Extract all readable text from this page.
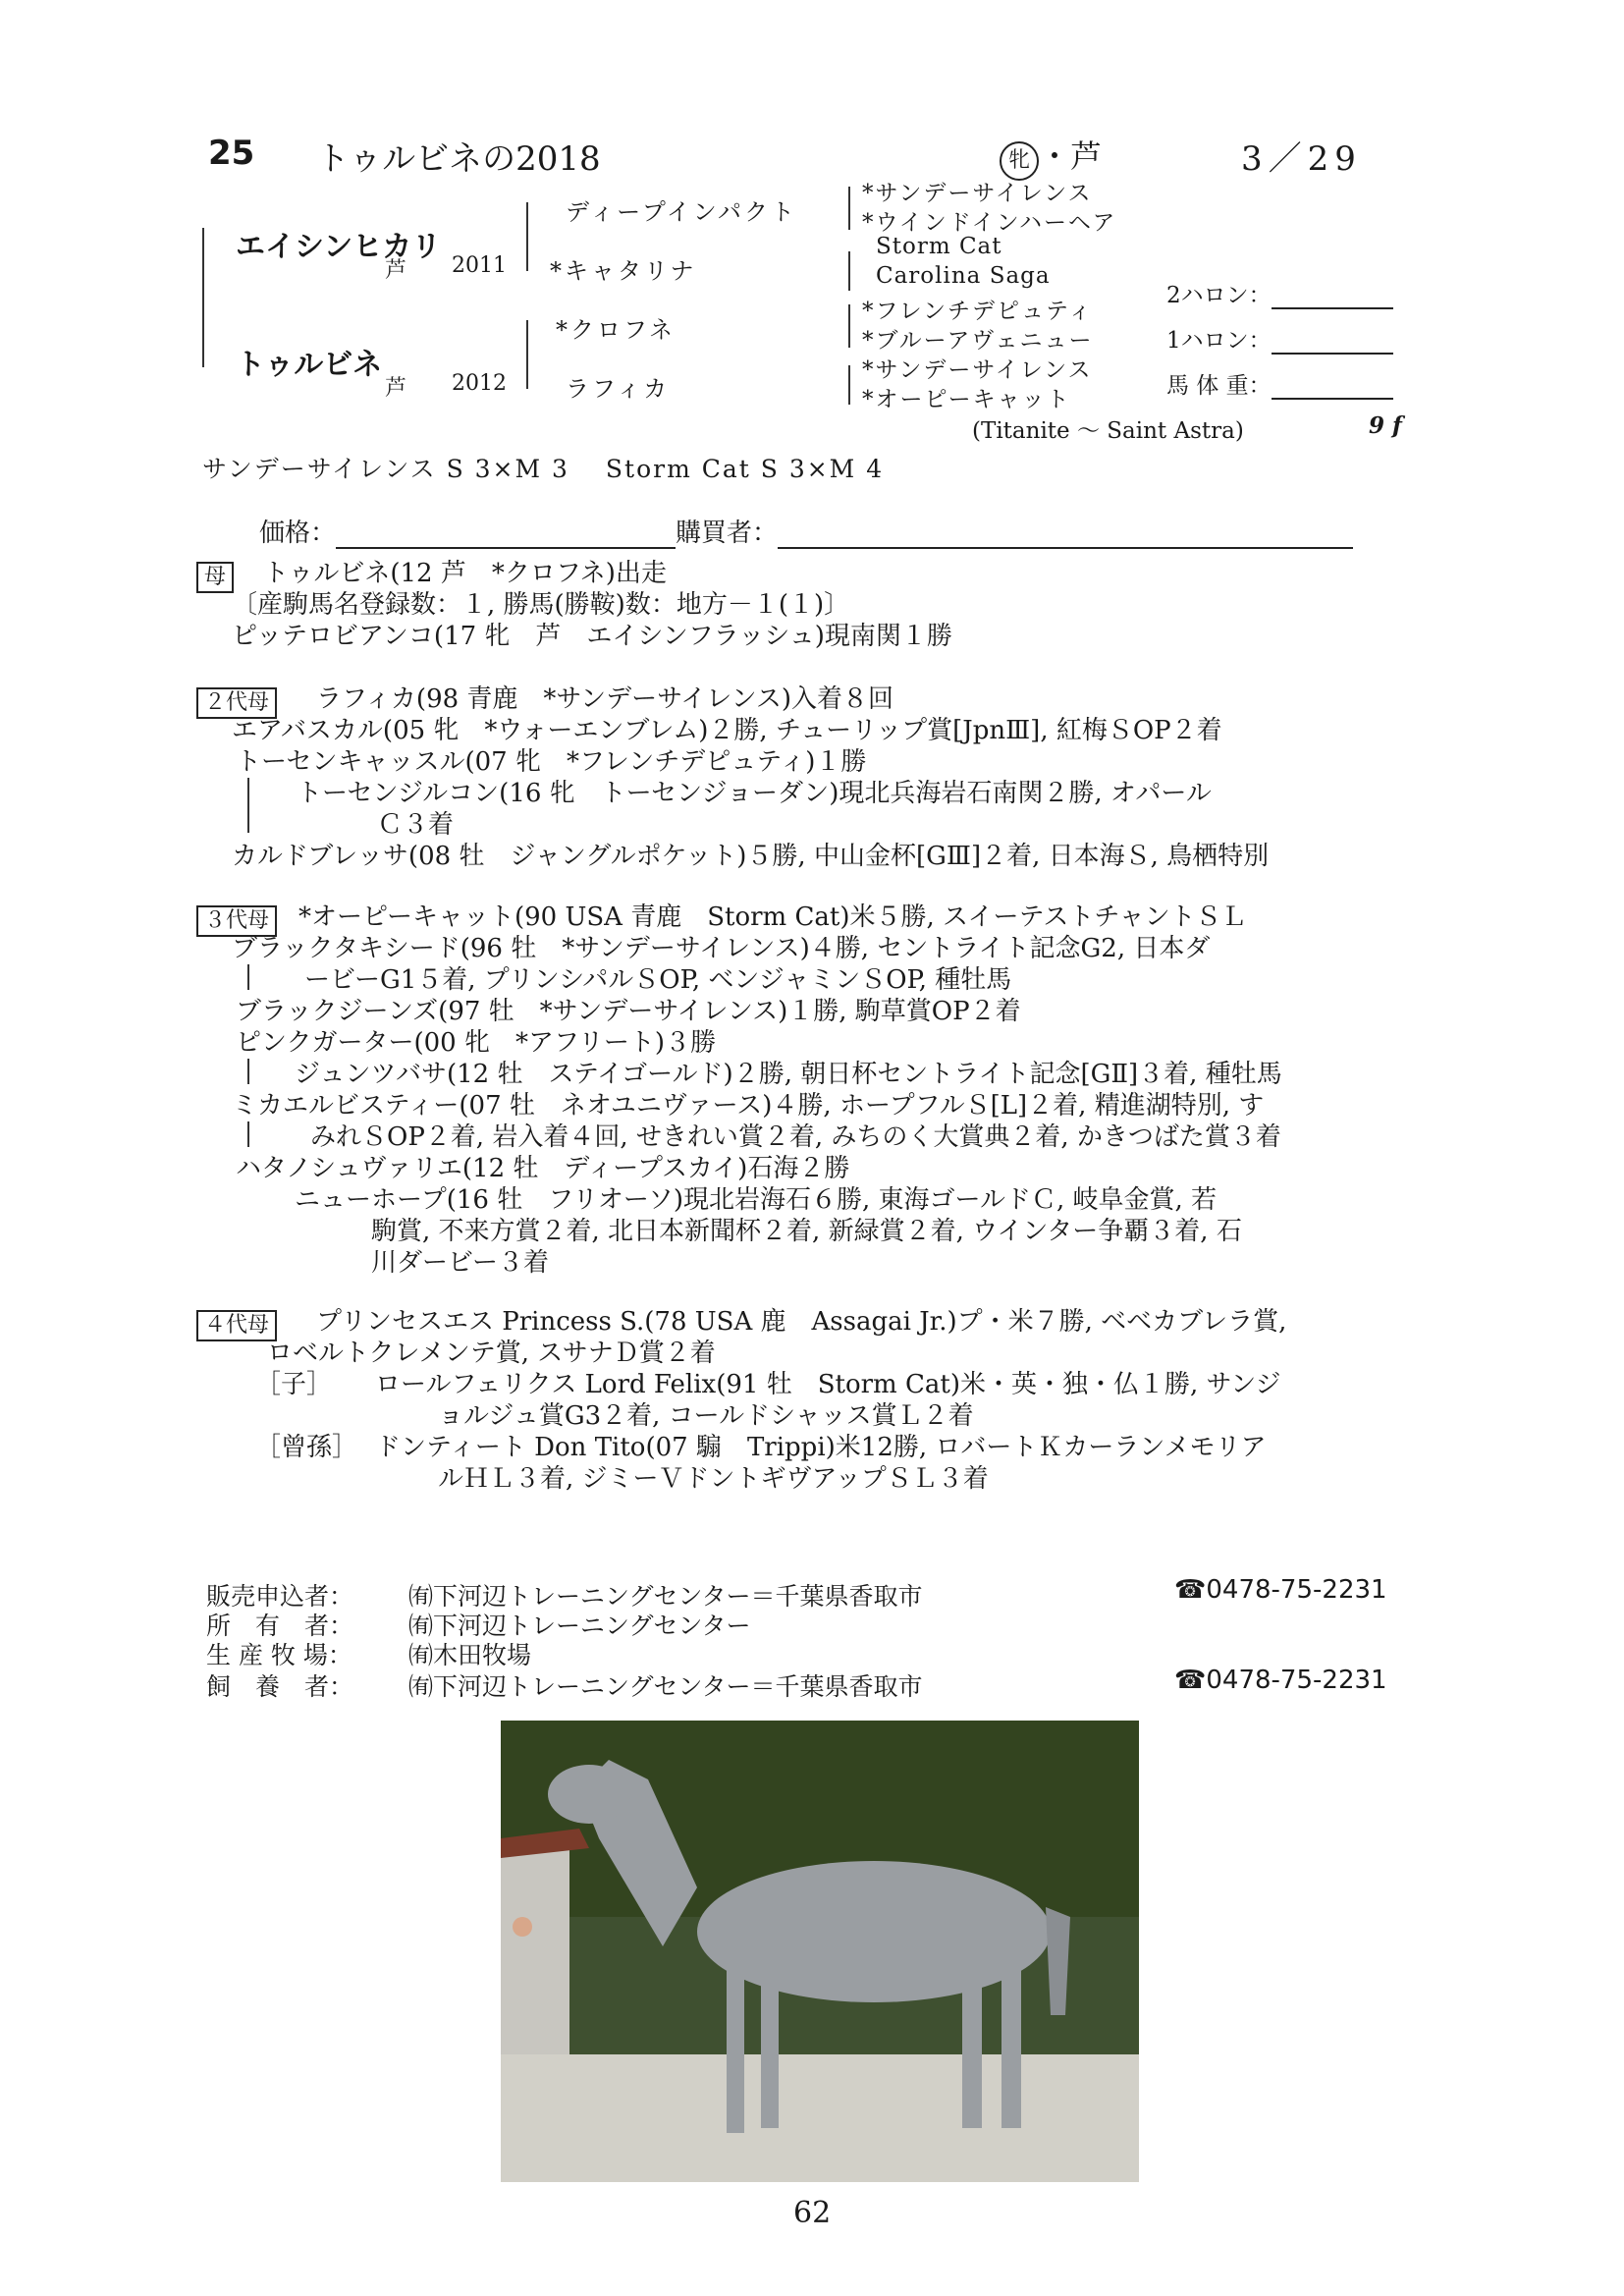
25 トゥルビネの2018	牝 ・芦	3／29
エイシンヒカリ
芦 2011
トゥルビネ
芦 2012
ディープインパクト
*キャタリナ
*クロフネ
ラフィカ
*サンデーサイレンス
*ウインドインハーヘア
Storm Cat
Carolina Saga
*フレンチデピュティ
*ブルーアヴェニュー
*サンデーサイレンス
*オーピーキャット
(Titanite ～ Saint Astra)	9 f
2ハロン：
1ハロン：
馬 体 重：
サンデーサイレンス S 3×M 3　 Storm Cat S 3×M 4
価格：	購買者：
母	トゥルビネ(12 芦　*クロフネ)出走
〔産駒馬名登録数：１, 勝馬(勝鞍)数：地方－１(１)〕
ピッテロビアンコ(17 牝　芦　エイシンフラッシュ)現南関１勝
２代母	ラフィカ(98 青鹿　*サンデーサイレンス)入着８回
エアバスカル(05 牝　*ウォーエンブレム)２勝, チューリップ賞[JpnⅢ], 紅梅ＳOP２着
トーセンキャッスル(07 牝　*フレンチデピュティ)１勝
トーセンジルコン(16 牝　トーセンジョーダン)現北兵海岩石南関２勝, オパール
Ｃ３着
カルドブレッサ(08 牡　ジャングルポケット)５勝, 中山金杯[GⅢ]２着, 日本海Ｓ, 鳥栖特別
３代母	*オーピーキャット(90 USA 青鹿　Storm Cat)米５勝, スイーテストチャントＳＬ
ブラックタキシード(96 牡　*サンデーサイレンス)４勝, セントライト記念G2, 日本ダ
ービーG1５着, プリンシパルＳOP, ベンジャミンＳOP, 種牡馬
ブラックジーンズ(97 牡　*サンデーサイレンス)１勝, 駒草賞OP２着
ピンクガーター(00 牝　*アフリート)３勝
ジュンツバサ(12 牡　ステイゴールド)２勝, 朝日杯セントライト記念[GⅡ]３着, 種牡馬
ミカエルビスティー(07 牡　ネオユニヴァース)４勝, ホープフルＳ[L]２着, 精進湖特別, す
みれＳOP２着, 岩入着４回, せきれい賞２着, みちのく大賞典２着, かきつばた賞３着
ハタノシュヴァリエ(12 牡　ディープスカイ)石海２勝
ニューホープ(16 牡　フリオーソ)現北岩海石６勝, 東海ゴールドＣ, 岐阜金賞, 若
駒賞, 不来方賞２着, 北日本新聞杯２着, 新緑賞２着, ウインター争覇３着, 石
川ダービー３着
４代母	プリンセスエス Princess S.(78 USA 鹿　Assagai Jr.)プ・米７勝, ベベカブレラ賞,
ロベルトクレメンテ賞, スサナＤ賞２着
［子］ ロールフェリクス Lord Felix(91 牡　Storm Cat)米・英・独・仏１勝, サンジ
ョルジュ賞G3２着, コールドシャッス賞Ｌ２着
［曾孫］ ドンティート Don Tito(07 騸　Trippi)米12勝, ロバートＫカーランメモリア
ルＨＬ３着, ジミーＶドントギヴアップＳＬ３着
販売申込者： ㈲下河辺トレーニングセンター＝千葉県香取市	☎0478-75-2231
所　有　者： ㈲下河辺トレーニングセンター
生 産 牧 場： ㈲木田牧場
飼　養　者： ㈲下河辺トレーニングセンター＝千葉県香取市	☎0478-75-2231
62
